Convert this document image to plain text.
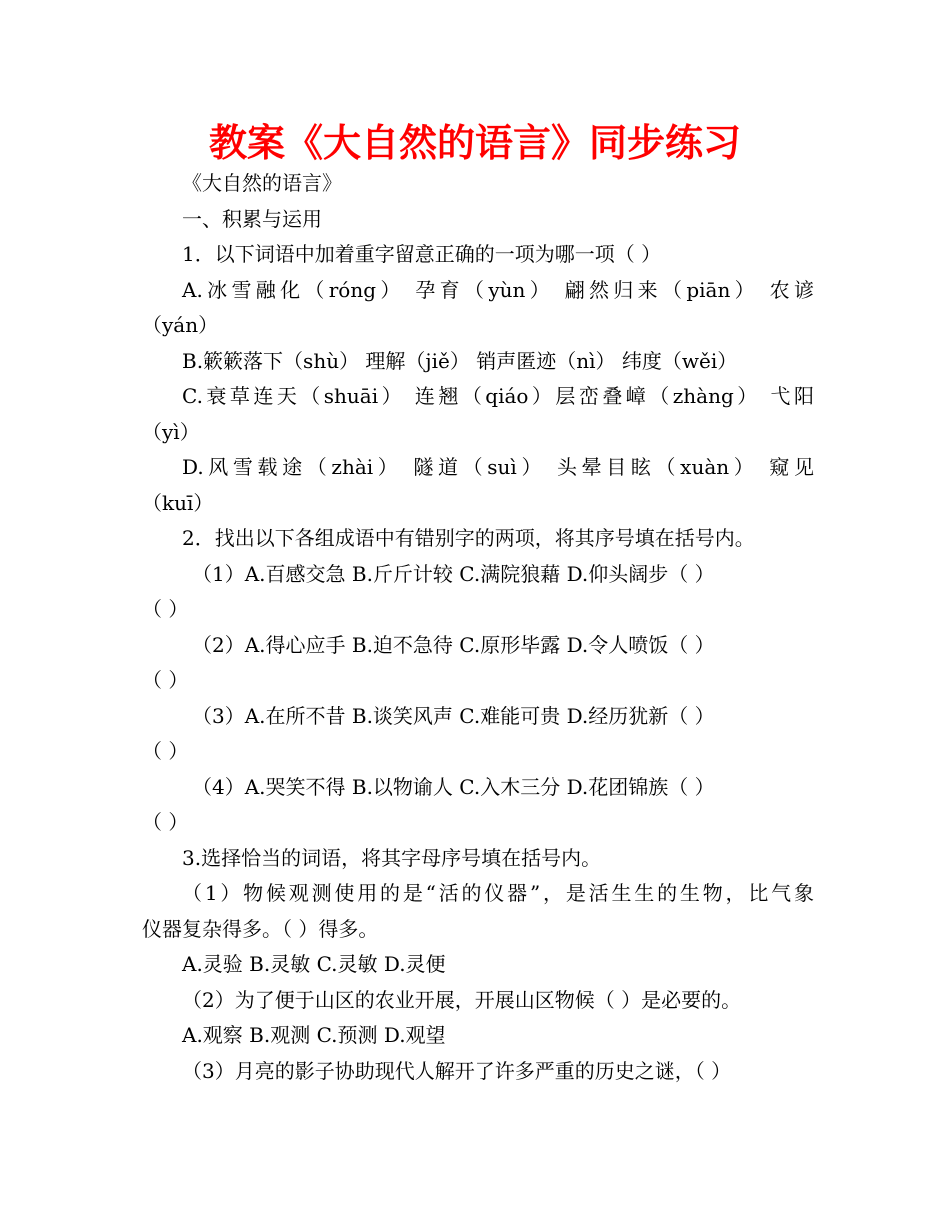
教案《大自然的语言》同步练习
《大自然的语言》
一、积累与运用
1．以下词语中加着重字留意正确的一项为哪一项（ ）
A.冰雪融化（róng） 孕育（yùn） 翩然归来（piān） 农谚
（yán）
B.簌簌落下（shù） 理解（jiě） 销声匿迹（nì） 纬度（wěi）
C.衰草连天（shuāi） 连翘（qiáo）层峦叠嶂（zhàng） 弋阳
（yì）
D.风雪载途（zhài） 隧道（suì） 头晕目眩（xuàn） 窥见
（kuī）
2．找出以下各组成语中有错别字的两项，将其序号填在括号内。
（1）A.百感交急 B.斤斤计较 C.满院狼藉 D.仰头阔步（ ）
（ ）
（2）A.得心应手 B.迫不急待 C.原形毕露 D.令人喷饭（ ）
（ ）
（3）A.在所不昔 B.谈笑风声 C.难能可贵 D.经历犹新（ ）
（ ）
（4）A.哭笑不得 B.以物谕人 C.入木三分 D.花团锦族（ ）
（ ）
3.选择恰当的词语，将其字母序号填在括号内。
（1）物候观测使用的是“活的仪器”，是活生生的生物，比气象
仪器复杂得多。（ ）得多。
A.灵验 B.灵敏 C.灵敏 D.灵便
（2）为了便于山区的农业开展，开展山区物候（ ）是必要的。
A.观察 B.观测 C.预测 D.观望
（3）月亮的影子协助现代人解开了许多严重的历史之谜，（ ）
